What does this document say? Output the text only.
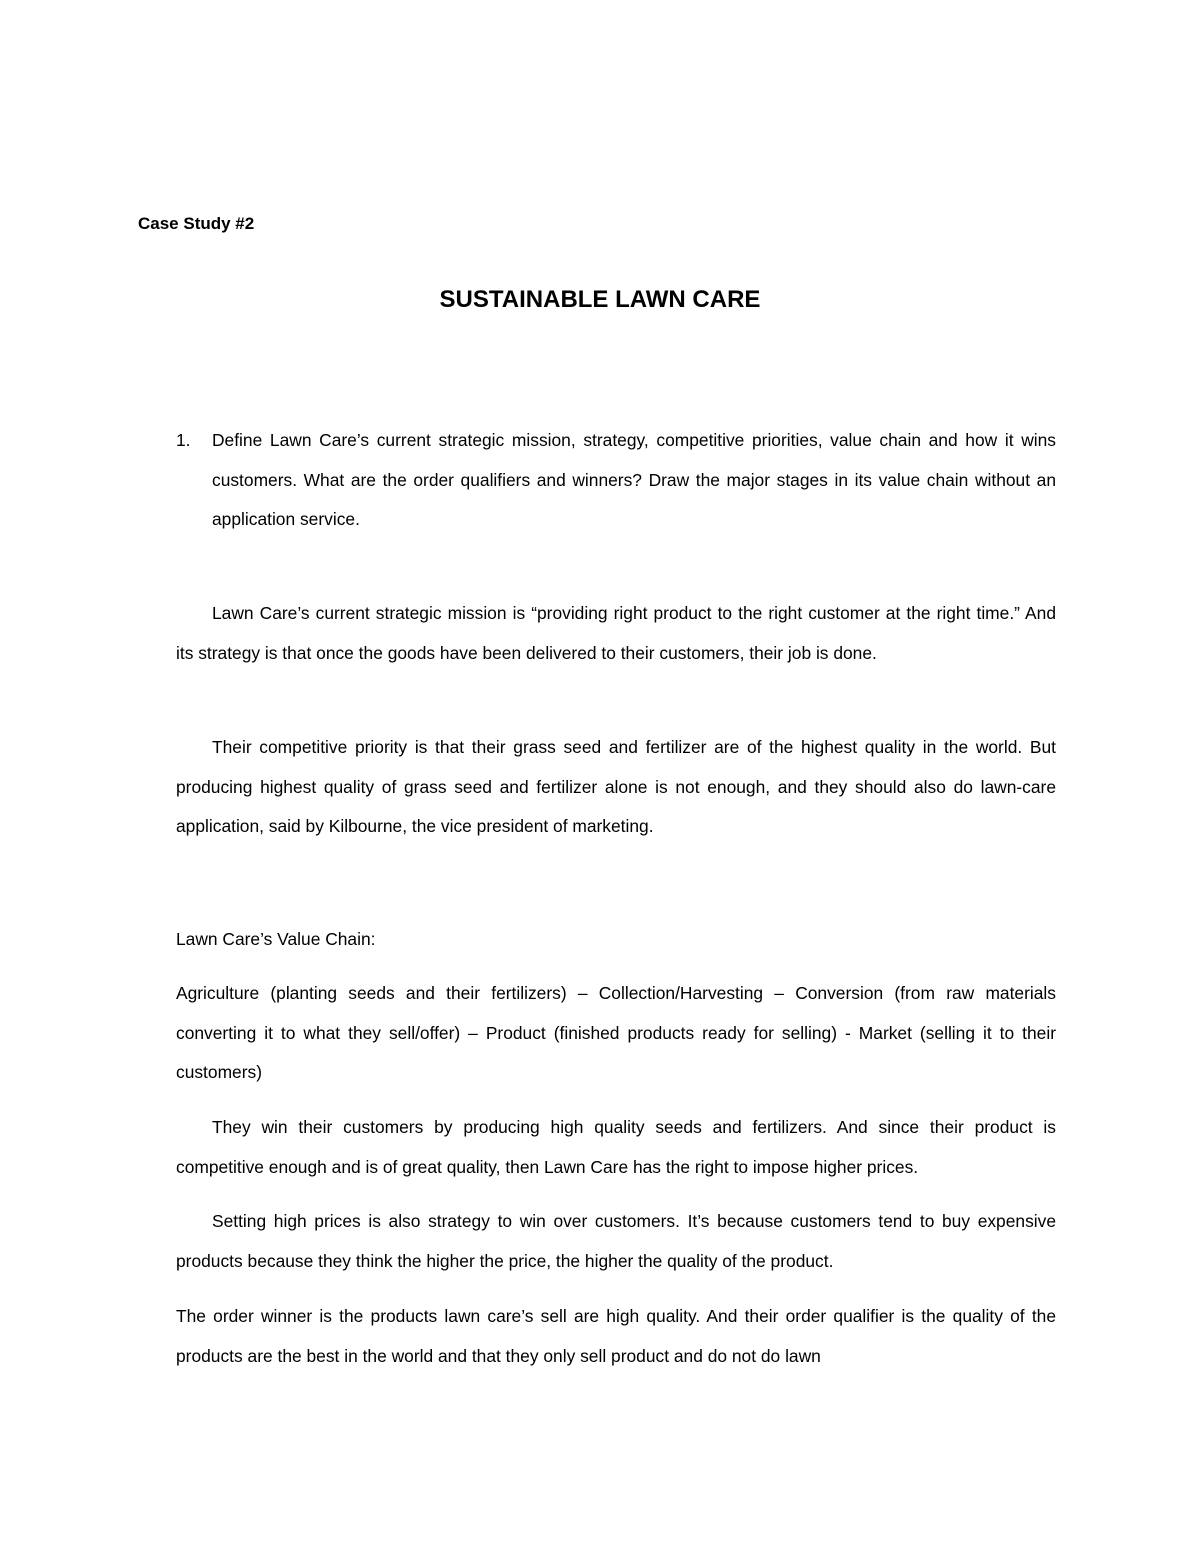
Case Study #2
SUSTAINABLE LAWN CARE
1. Define Lawn Care’s current strategic mission, strategy, competitive priorities, value chain and how it wins customers. What are the order qualifiers and winners? Draw the major stages in its value chain without an application service.

Lawn Care’s current strategic mission is “providing right product to the right customer at the right time.” And its strategy is that once the goods have been delivered to their customers, their job is done.

Their competitive priority is that their grass seed and fertilizer are of the highest quality in the world. But producing highest quality of grass seed and fertilizer alone is not enough, and they should also do lawn-care application, said by Kilbourne, the vice president of marketing.

Lawn Care’s Value Chain:

Agriculture (planting seeds and their fertilizers) – Collection/Harvesting – Conversion (from raw materials converting it to what they sell/offer) – Product (finished products ready for selling) - Market (selling it to their customers)

They win their customers by producing high quality seeds and fertilizers. And since their product is competitive enough and is of great quality, then Lawn Care has the right to impose higher prices.

Setting high prices is also strategy to win over customers. It’s because customers tend to buy expensive products because they think the higher the price, the higher the quality of the product.

The order winner is the products lawn care’s sell are high quality. And their order qualifier is the quality of the products are the best in the world and that they only sell product and do not do lawn
